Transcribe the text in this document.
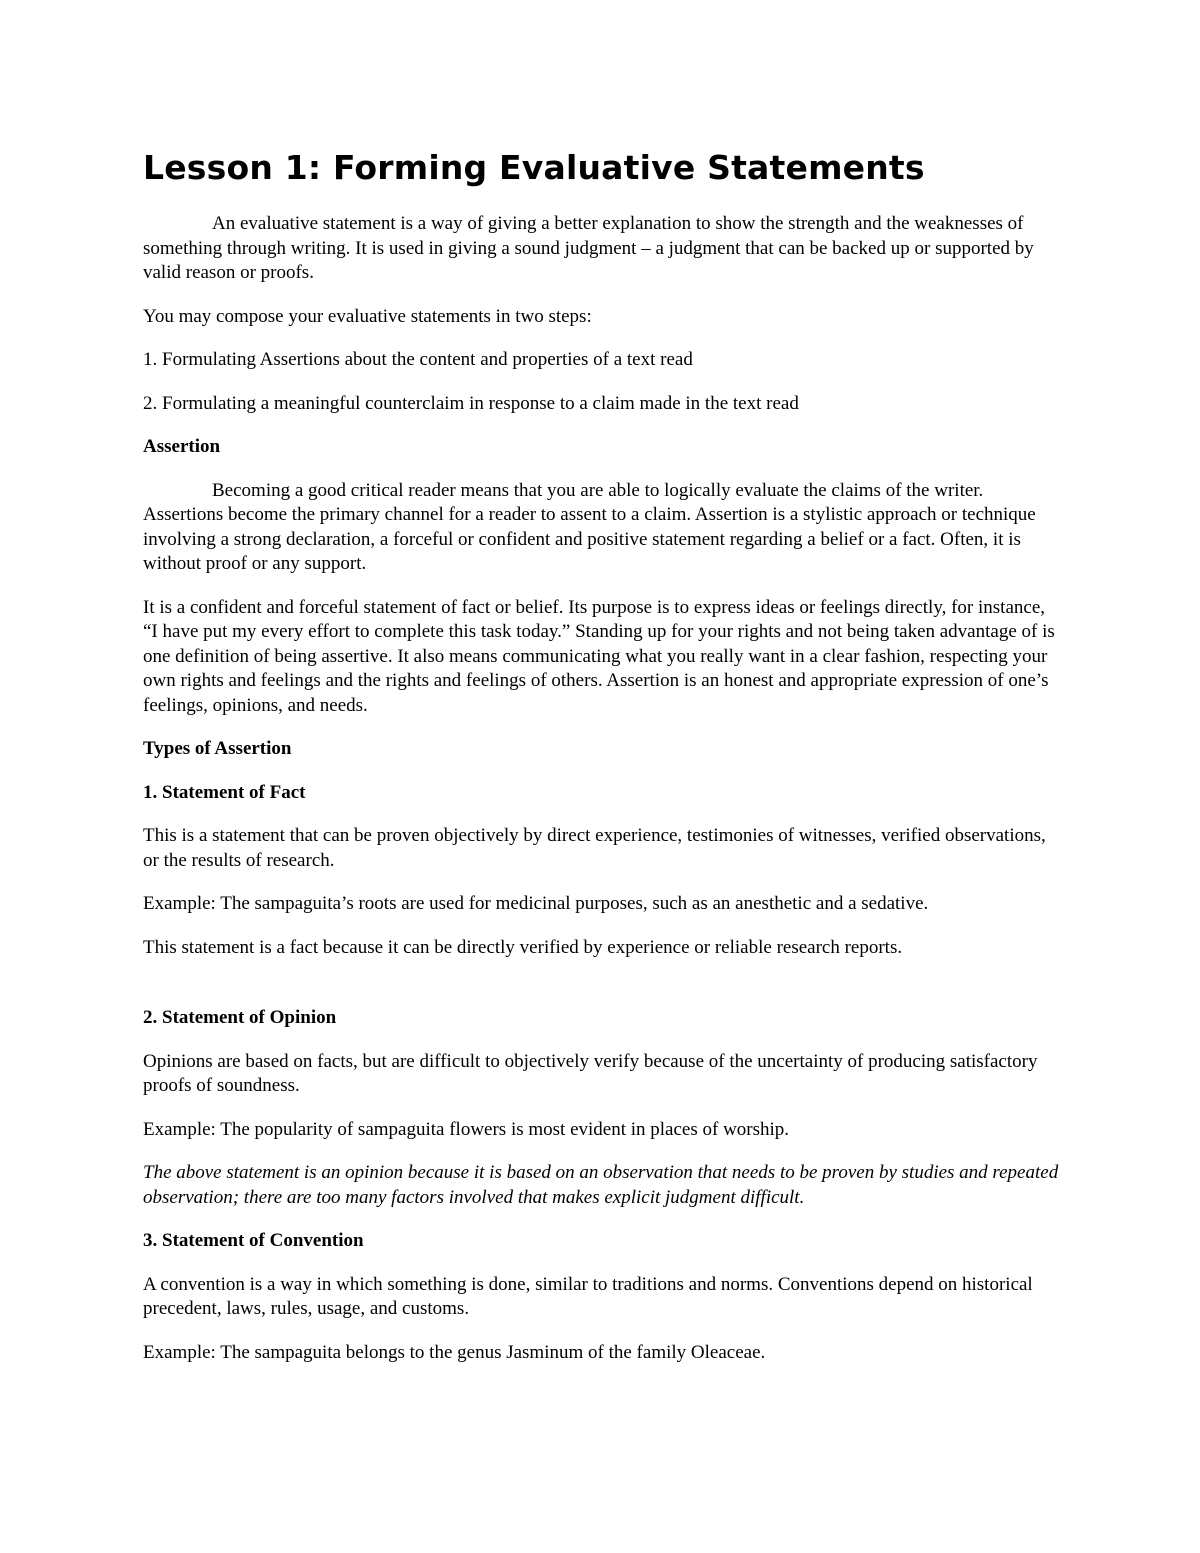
Lesson 1: Forming Evaluative Statements

An evaluative statement is a way of giving a better explanation to show the strength and the weaknesses of something through writing. It is used in giving a sound judgment – a judgment that can be backed up or supported by valid reason or proofs.

You may compose your evaluative statements in two steps:

1. Formulating Assertions about the content and properties of a text read

2. Formulating a meaningful counterclaim in response to a claim made in the text read

Assertion

Becoming a good critical reader means that you are able to logically evaluate the claims of the writer. Assertions become the primary channel for a reader to assent to a claim. Assertion is a stylistic approach or technique involving a strong declaration, a forceful or confident and positive statement regarding a belief or a fact. Often, it is without proof or any support.

It is a confident and forceful statement of fact or belief. Its purpose is to express ideas or feelings directly, for instance, “I have put my every effort to complete this task today.” Standing up for your rights and not being taken advantage of is one definition of being assertive. It also means communicating what you really want in a clear fashion, respecting your own rights and feelings and the rights and feelings of others. Assertion is an honest and appropriate expression of one’s feelings, opinions, and needs.

Types of Assertion

1. Statement of Fact

This is a statement that can be proven objectively by direct experience, testimonies of witnesses, verified observations, or the results of research.

Example: The sampaguita’s roots are used for medicinal purposes, such as an anesthetic and a sedative.

This statement is a fact because it can be directly verified by experience or reliable research reports.

2. Statement of Opinion

Opinions are based on facts, but are difficult to objectively verify because of the uncertainty of producing satisfactory proofs of soundness.

Example: The popularity of sampaguita flowers is most evident in places of worship.

The above statement is an opinion because it is based on an observation that needs to be proven by studies and repeated observation; there are too many factors involved that makes explicit judgment difficult.

3. Statement of Convention

A convention is a way in which something is done, similar to traditions and norms. Conventions depend on historical precedent, laws, rules, usage, and customs.

Example: The sampaguita belongs to the genus Jasminum of the family Oleaceae.
